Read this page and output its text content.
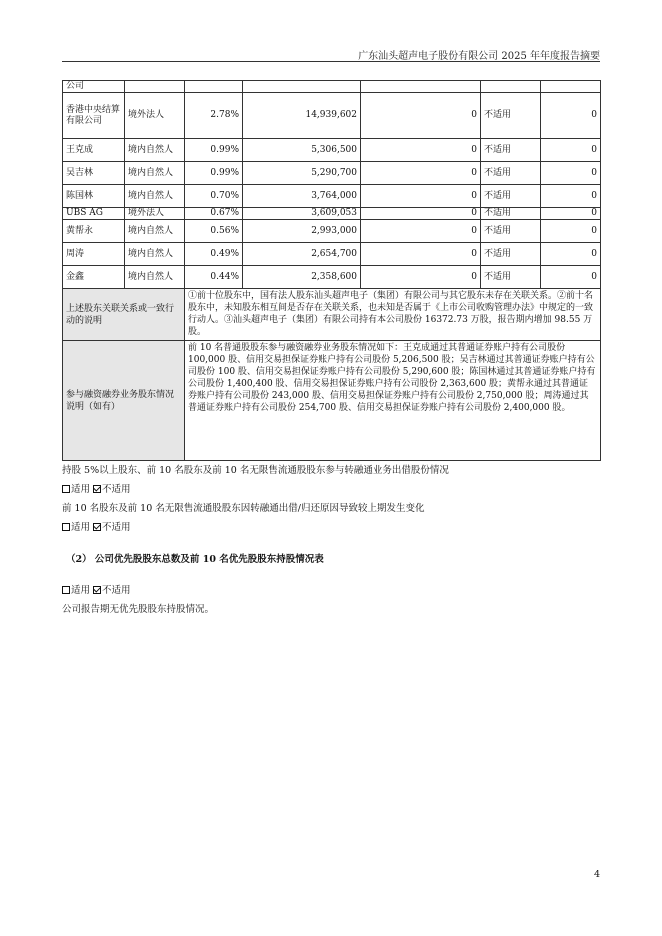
广东汕头超声电子股份有限公司 2025 年年度报告摘要
公司						
香港中央结算有限公司	境外法人	2.78%	14,939,602	0	不适用	0
王克成	境内自然人	0.99%	5,306,500	0	不适用	0
吴吉林	境内自然人	0.99%	5,290,700	0	不适用	0
陈国林	境内自然人	0.70%	3,764,000	0	不适用	0
UBS AG	境外法人	0.67%	3,609,053	0	不适用	0
黄帮永	境内自然人	0.56%	2,993,000	0	不适用	0
周涛	境内自然人	0.49%	2,654,700	0	不适用	0
金鑫	境内自然人	0.44%	2,358,600	0	不适用	0
上述股东关联关系或一致行动的说明		①前十位股东中，国有法人股东汕头超声电子（集团）有限公司与其它股东未存在关联关系。②前十名股东中，未知股东相互间是否存在关联关系，也未知是否属于《上市公司收购管理办法》中规定的一致行动人。③汕头超声电子（集团）有限公司持有本公司股份 16372.73 万股，报告期内增加 98.55 万股。				
参与融资融券业务股东情况说明（如有）		前 10 名普通股股东参与融资融券业务股东情况如下：王克成通过其普通证券账户持有公司股份 100,000 股、信用交易担保证券账户持有公司股份 5,206,500 股；吴吉林通过其普通证券账户持有公司股份 100 股、信用交易担保证券账户持有公司股份 5,290,600 股；陈国林通过其普通证券账户持有公司股份 1,400,400 股、信用交易担保证券账户持有公司股份 2,363,600 股；黄帮永通过其普通证券账户持有公司股份 243,000 股、信用交易担保证券账户持有公司股份 2,750,000 股；周涛通过其普通证券账户持有公司股份 254,700 股、信用交易担保证券账户持有公司股份 2,400,000 股。				
持股 5%以上股东、前 10 名股东及前 10 名无限售流通股股东参与转融通业务出借股份情况
适用 不适用
前 10 名股东及前 10 名无限售流通股股东因转融通出借/归还原因导致较上期发生变化
适用 不适用
（2） 公司优先股股东总数及前 10 名优先股股东持股情况表
适用 不适用
公司报告期无优先股股东持股情况。
4
